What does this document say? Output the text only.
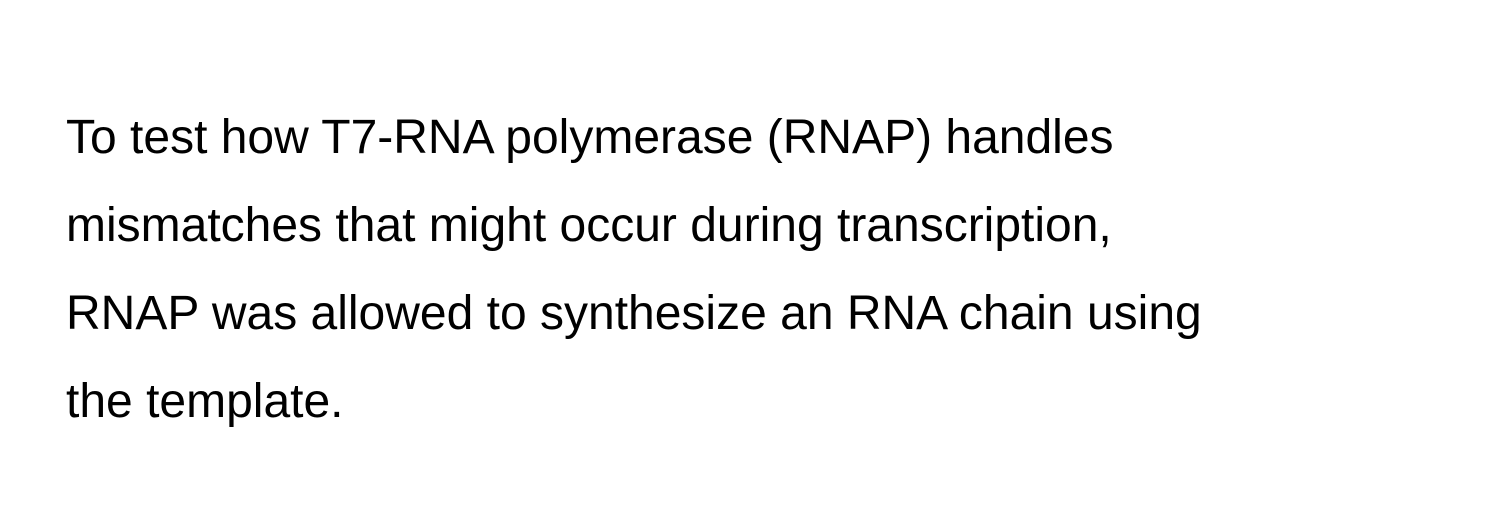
To test how T7-RNA polymerase (RNAP) handles
mismatches that might occur during transcription,
RNAP was allowed to synthesize an RNA chain using
the template.
